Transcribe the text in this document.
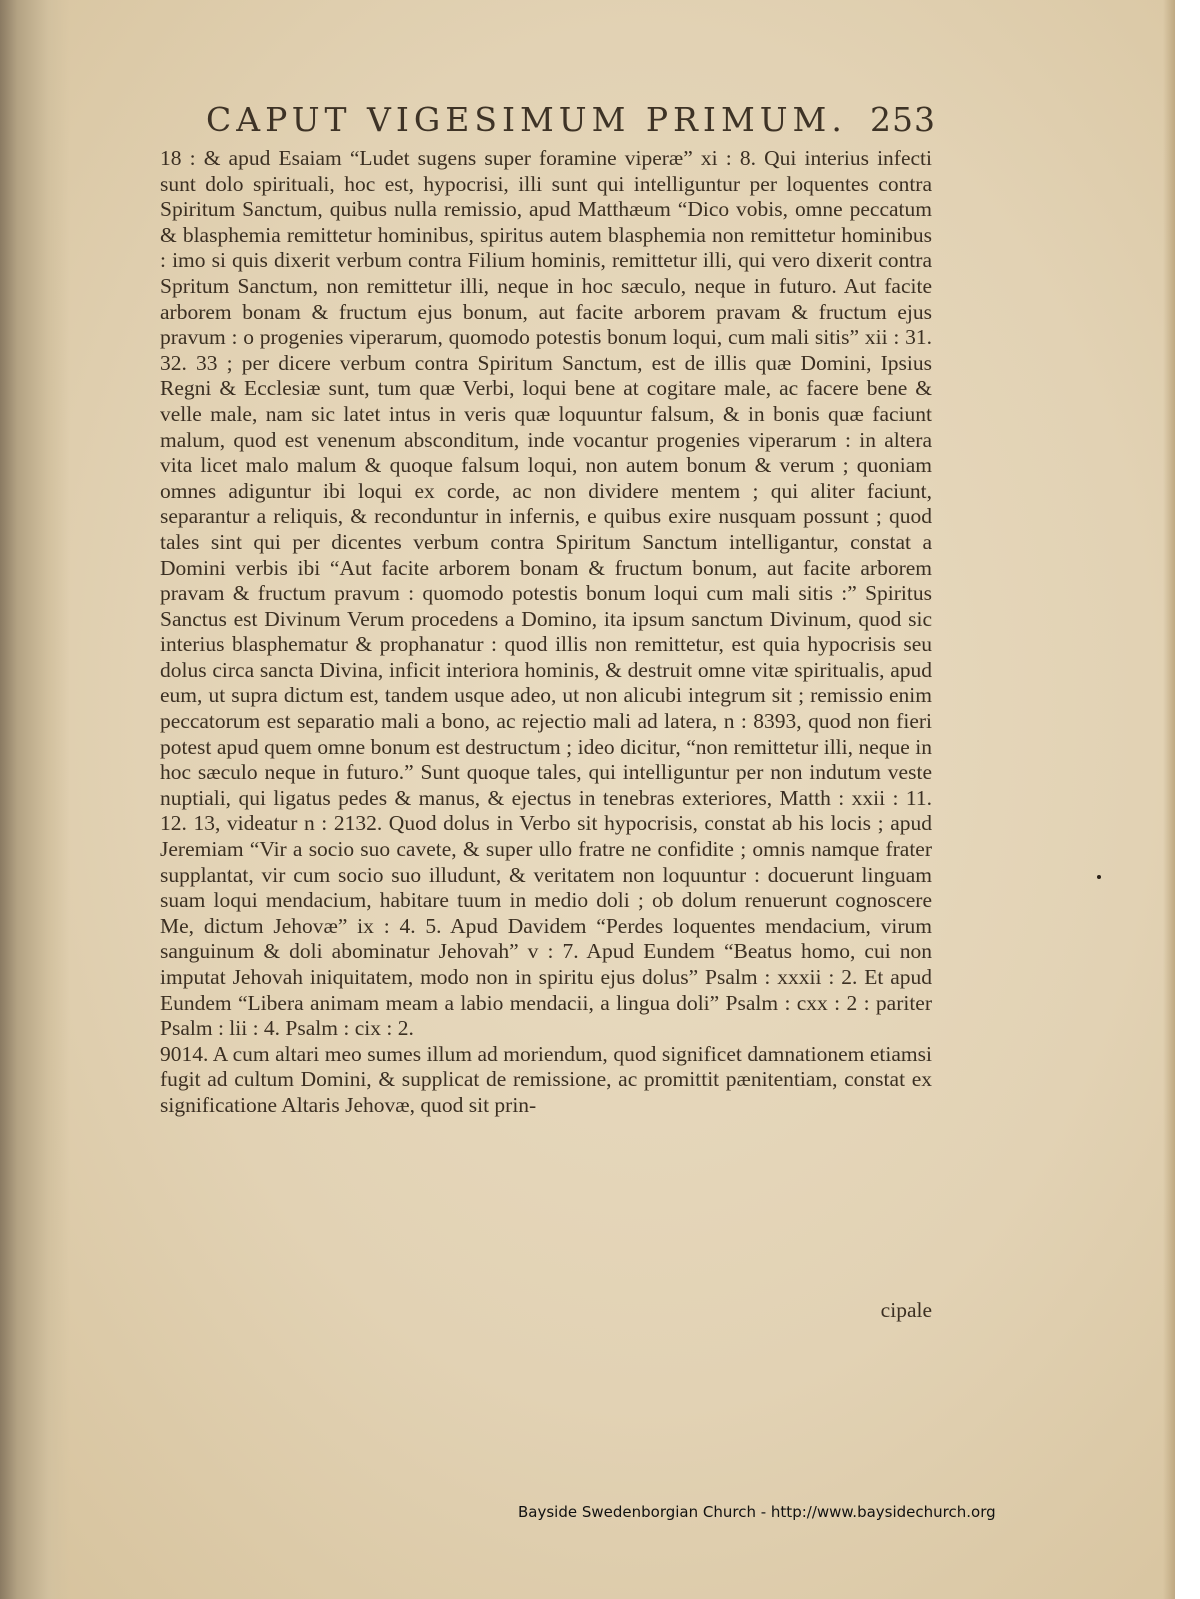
CAPUT VIGESIMUM PRIMUM. 253

18 : & apud Esaiam “Ludet sugens super foramine viperæ” xi : 8. Qui interius infecti sunt dolo spirituali, hoc est, hypocrisi, illi sunt qui intelliguntur per loquentes contra Spiritum Sanctum, quibus nulla remissio, apud Matthæum “Dico vobis, omne peccatum & blasphemia remittetur hominibus, spiritus autem blasphemia non remittetur hominibus : imo si quis dixerit verbum contra Filium hominis, remittetur illi, qui vero dixerit contra Spritum Sanctum, non remittetur illi, neque in hoc sæculo, neque in futuro. Aut facite arborem bonam & fructum ejus bonum, aut facite arborem pravam & fructum ejus pravum : o progenies viperarum, quomodo potestis bonum loqui, cum mali sitis” xii : 31. 32. 33 ; per dicere verbum contra Spiritum Sanctum, est de illis quæ Domini, Ipsius Regni & Ecclesiæ sunt, tum quæ Verbi, loqui bene at cogitare male, ac facere bene & velle male, nam sic latet intus in veris quæ loquuntur falsum, & in bonis quæ faciunt malum, quod est venenum absconditum, inde vocantur progenies viperarum : in altera vita licet malo malum & quoque falsum loqui, non autem bonum & verum ; quoniam omnes adiguntur ibi loqui ex corde, ac non dividere mentem ; qui aliter faciunt, separantur a reliquis, & reconduntur in infernis, e quibus exire nusquam possunt ; quod tales sint qui per dicentes verbum contra Spiritum Sanctum intelligantur, constat a Domini verbis ibi “Aut facite arborem bonam & fructum bonum, aut facite arborem pravam & fructum pravum : quomodo potestis bonum loqui cum mali sitis :” Spiritus Sanctus est Divinum Verum procedens a Domino, ita ipsum sanctum Divinum, quod sic interius blasphematur & prophanatur : quod illis non remittetur, est quia hypocrisis seu dolus circa sancta Divina, inficit interiora hominis, & destruit omne vitæ spiritualis, apud eum, ut supra dictum est, tandem usque adeo, ut non alicubi integrum sit ; remissio enim peccatorum est separatio mali a bono, ac rejectio mali ad latera, n : 8393, quod non fieri potest apud quem omne bonum est destructum ; ideo dicitur, “non remittetur illi, neque in hoc sæculo neque in futuro.” Sunt quoque tales, qui intelliguntur per non indutum veste nuptiali, qui ligatus pedes & manus, & ejectus in tenebras exteriores, Matth : xxii : 11. 12. 13, videatur n : 2132. Quod dolus in Verbo sit hypocrisis, constat ab his locis ; apud Jeremiam “Vir a socio suo cavete, & super ullo fratre ne confidite ; omnis namque frater supplantat, vir cum socio suo illudunt, & veritatem non loquuntur : docuerunt linguam suam loqui mendacium, habitare tuum in medio doli ; ob dolum renuerunt cognoscere Me, dictum Jehovæ” ix : 4. 5. Apud Davidem “Perdes loquentes mendacium, virum sanguinum & doli abominatur Jehovah” v : 7. Apud Eundem “Beatus homo, cui non imputat Jehovah iniquitatem, modo non in spiritu ejus dolus” Psalm : xxxii : 2. Et apud Eundem “Libera animam meam a labio mendacii, a lingua doli” Psalm : cxx : 2 : pariter Psalm : lii : 4. Psalm : cix : 2.

9014. A cum altari meo sumes illum ad moriendum, quod significet damnationem etiamsi fugit ad cultum Domini, & supplicat de remissione, ac promittit pænitentiam, constat ex significatione Altaris Jehovæ, quod sit prin-

cipale
Bayside Swedenborgian Church - http://www.baysidechurch.org
